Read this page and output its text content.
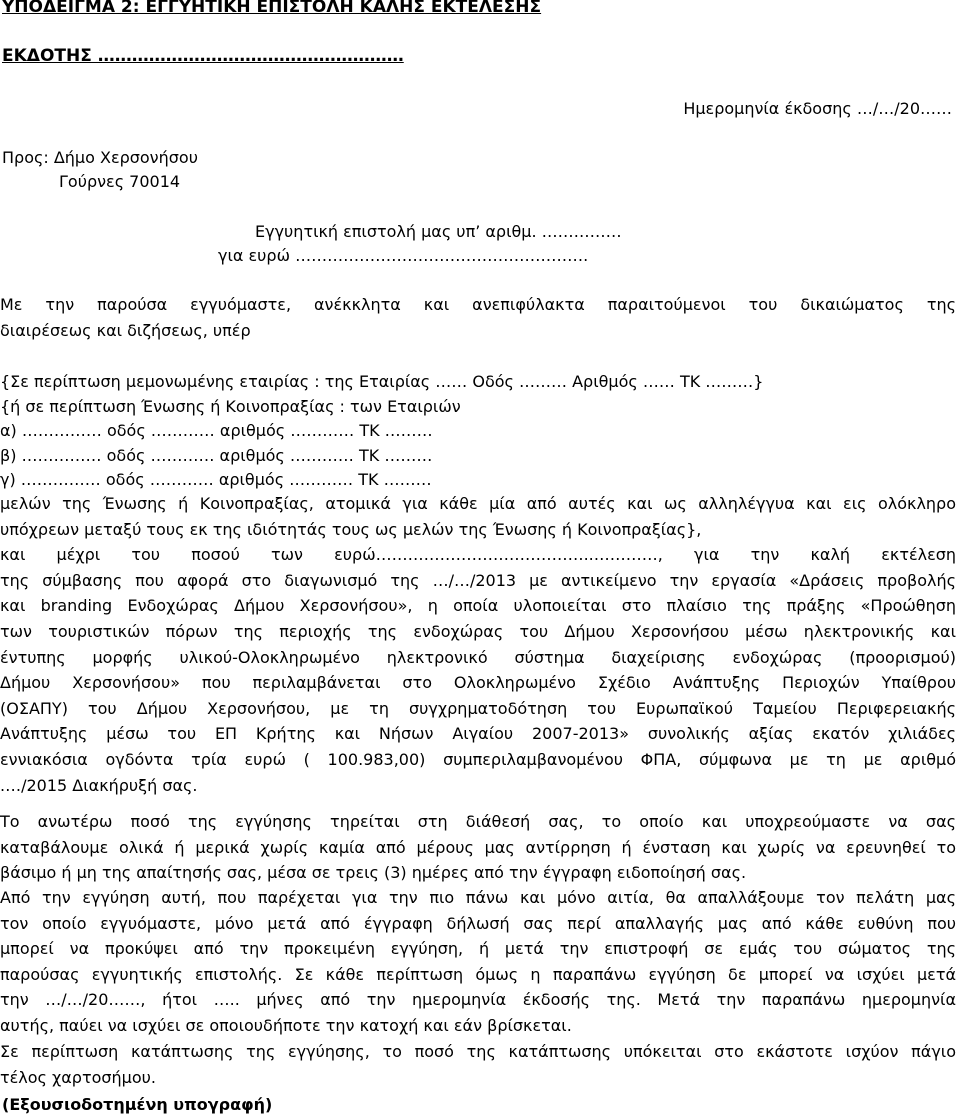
ΥΠΟΔΕΙΓΜΑ 2: ΕΓΓΥΗΤΙΚΗ ΕΠΙΣΤΟΛΗ ΚΑΛΗΣ ΕΚΤΕΛΕΣΗΣ
ΕΚΔΟΤΗΣ ………………………………………………
Ημερομηνία έκδοσης …/…/20……
Προς: Δήμο Χερσονήσου
Γούρνες 70014
Εγγυητική επιστολή μας υπ’ αριθμ. ……………
για ευρώ ……………………………………………….
Με την παρούσα εγγυόμαστε, ανέκκλητα και ανεπιφύλακτα παραιτούμενοι του δικαιώματος της
διαιρέσεως και διζήσεως, υπέρ
{Σε περίπτωση μεμονωμένης εταιρίας : της Εταιρίας …… Οδός ……… Αριθμός …… ΤΚ ………}
{ή σε περίπτωση Ένωσης ή Κοινοπραξίας : των Εταιριών
α) …………… οδός ………… αριθμός ………… ΤΚ ………
β) …………… οδός ………… αριθμός ………… ΤΚ ………
γ) …………… οδός ………… αριθμός ………… ΤΚ ………
μελών της Ένωσης ή Κοινοπραξίας, ατομικά για κάθε μία από αυτές και ως αλληλέγγυα και εις ολόκληρο
υπόχρεων μεταξύ τους εκ της ιδιότητάς τους ως μελών της Ένωσης ή Κοινοπραξίας},
και μέχρι του ποσού των ευρώ…………………………………..…………, για την καλή εκτέλεση
της σύμβασης που αφορά στο διαγωνισμό της …/…/2013 με αντικείμενο την εργασία «Δράσεις προβολής
και branding Ενδοχώρας Δήμου Χερσονήσου», η οποία υλοποιείται στο πλαίσιο της πράξης «Προώθηση
των τουριστικών πόρων της περιοχής της ενδοχώρας του Δήμου Χερσονήσου μέσω ηλεκτρονικής και
έντυπης μορφής υλικού-Ολοκληρωμένο ηλεκτρονικό σύστημα διαχείρισης ενδοχώρας (προορισμού)
Δήμου Χερσονήσου» που περιλαμβάνεται στο Ολοκληρωμένο Σχέδιο Ανάπτυξης Περιοχών Υπαίθρου
(ΟΣΑΠΥ) του Δήμου Χερσονήσου, με τη συγχρηματοδότηση του Ευρωπαϊκού Ταμείου Περιφερειακής
Ανάπτυξης μέσω του ΕΠ Κρήτης και Νήσων Αιγαίου 2007-2013» συνολικής αξίας εκατόν χιλιάδες
εννιακόσια ογδόντα τρία ευρώ ( 100.983,00) συμπεριλαμβανομένου ΦΠΑ, σύμφωνα με τη με αριθμό
.…/2015 Διακήρυξή σας.
Το ανωτέρω ποσό της εγγύησης τηρείται στη διάθεσή σας, το οποίο και υποχρεούμαστε να σας
καταβάλουμε ολικά ή μερικά χωρίς καμία από μέρους μας αντίρρηση ή ένσταση και χωρίς να ερευνηθεί το
βάσιμο ή μη της απαίτησής σας, μέσα σε τρεις (3) ημέρες από την έγγραφη ειδοποίησή σας.
Από την εγγύηση αυτή, που παρέχεται για την πιο πάνω και μόνο αιτία, θα απαλλάξουμε τον πελάτη μας
τον οποίο εγγυόμαστε, μόνο μετά από έγγραφη δήλωσή σας περί απαλλαγής μας από κάθε ευθύνη που
μπορεί να προκύψει από την προκειμένη εγγύηση, ή μετά την επιστροφή σε εμάς του σώματος της
παρούσας εγγυητικής επιστολής. Σε κάθε περίπτωση όμως η παραπάνω εγγύηση δε μπορεί να ισχύει μετά
την …/…/20……, ήτοι ….. μήνες από την ημερομηνία έκδοσής της. Μετά την παραπάνω ημερομηνία
αυτής, παύει να ισχύει σε οποιουδήποτε την κατοχή και εάν βρίσκεται.
Σε περίπτωση κατάπτωσης της εγγύησης, το ποσό της κατάπτωσης υπόκειται στο εκάστοτε ισχύον πάγιο
τέλος χαρτοσήμου.
(Εξουσιοδοτημένη υπογραφή)
